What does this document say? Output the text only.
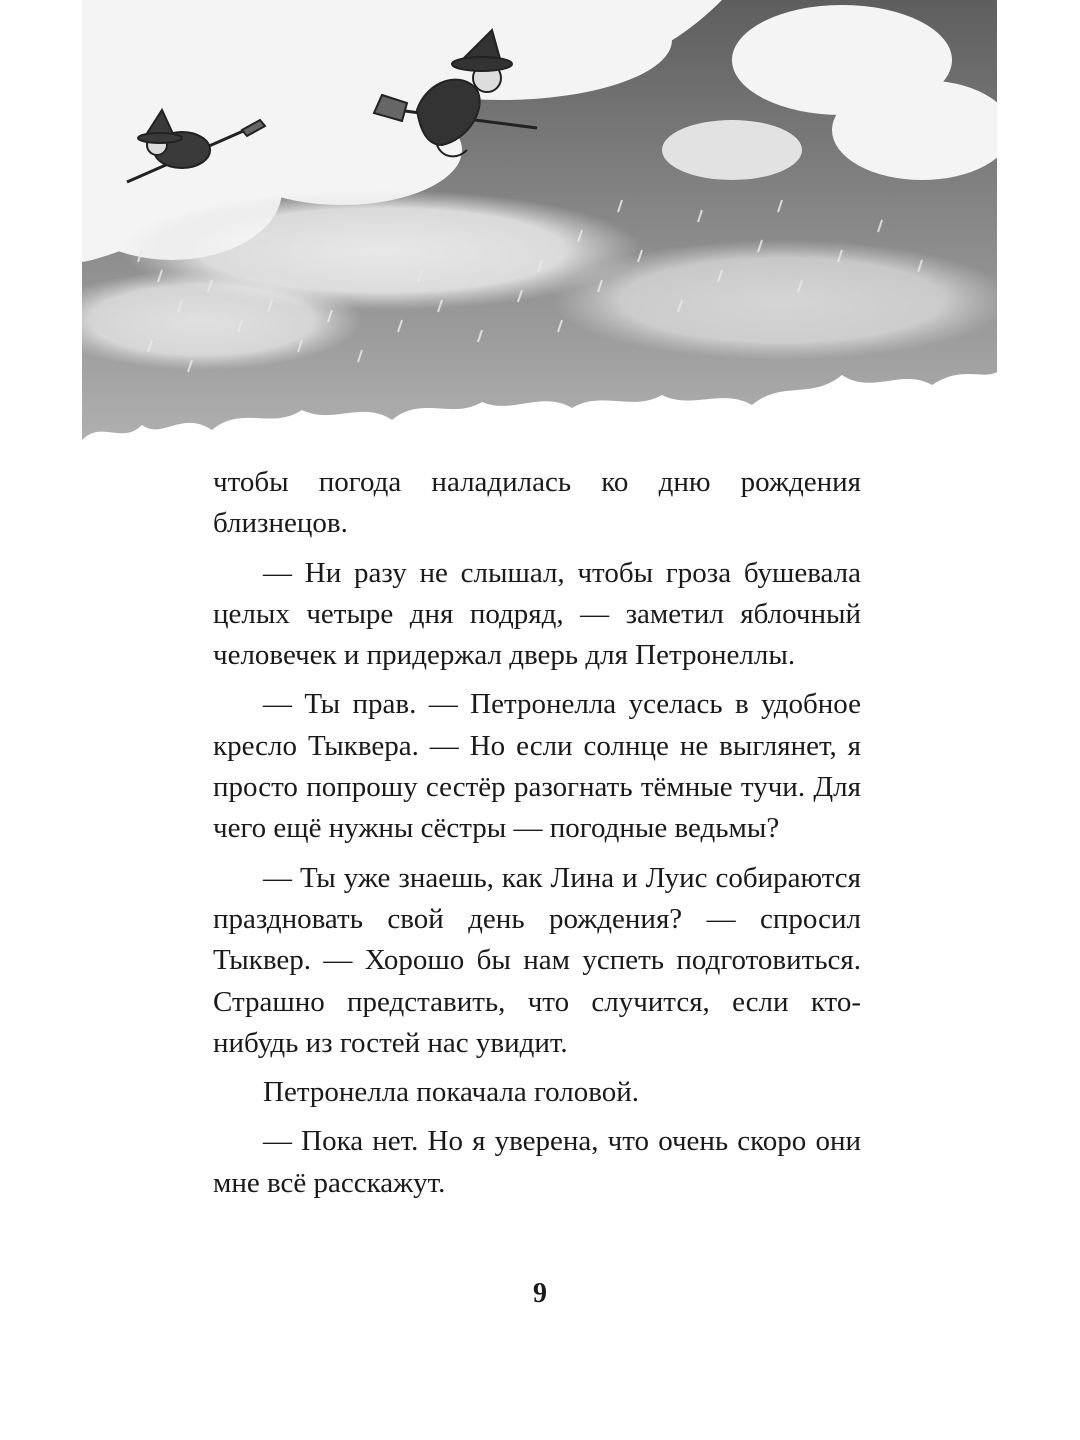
чтобы погода наладилась ко дню рождения близнецов.

— Ни разу не слышал, чтобы гроза бушевала целых четыре дня подряд, — заметил яблочный человечек и придержал дверь для Петронеллы.

— Ты прав. — Петронелла уселась в удобное кресло Тыквера. — Но если солнце не выглянет, я просто попрошу сестёр разогнать тёмные тучи. Для чего ещё нужны сёстры — погодные ведьмы?

— Ты уже знаешь, как Лина и Луис собираются праздновать свой день рождения? — спросил Тыквер. — Хорошо бы нам успеть подготовиться. Страшно представить, что случится, если кто-нибудь из гостей нас увидит.

Петронелла покачала головой.

— Пока нет. Но я уверена, что очень скоро они мне всё расскажут.

9
